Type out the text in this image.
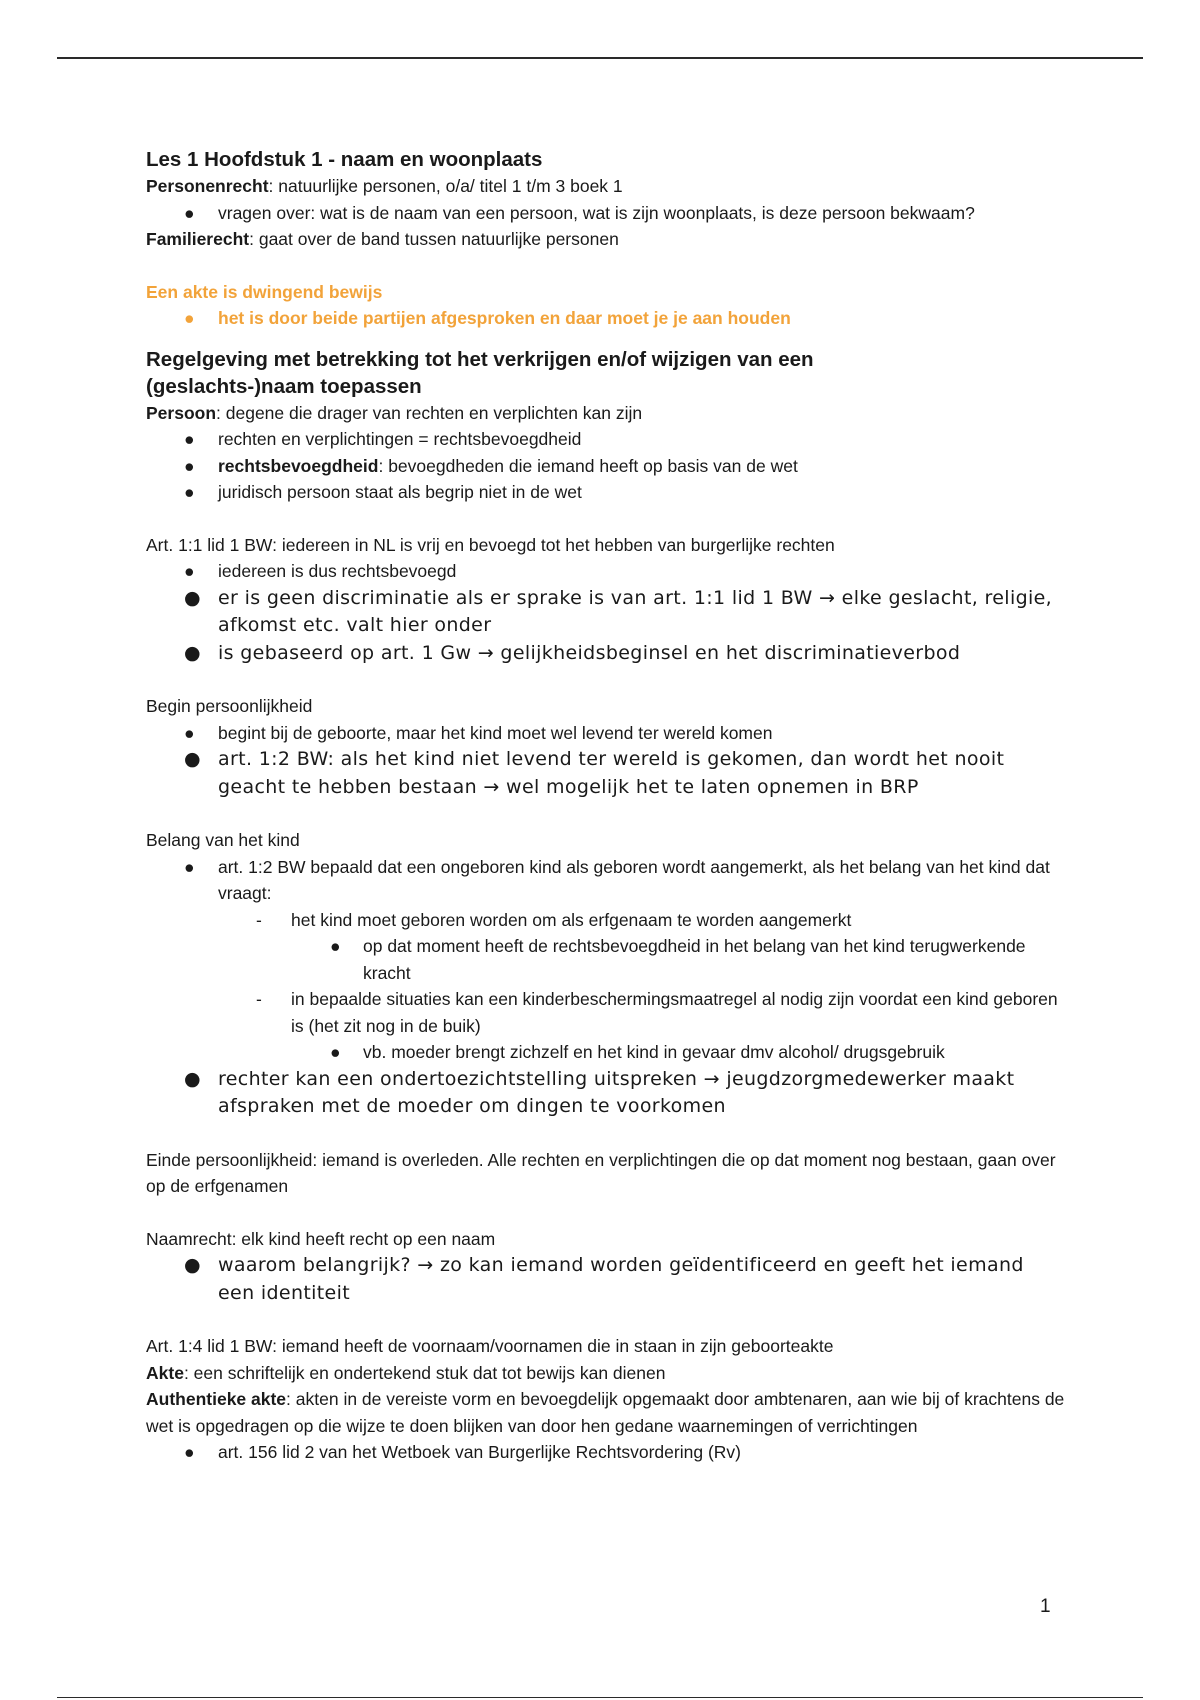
Les 1 Hoofdstuk 1 - naam en woonplaats

Personenrecht: natuurlijke personen, o/a/ titel 1 t/m 3 boek 1

● vragen over: wat is de naam van een persoon, wat is zijn woonplaats, is deze persoon bekwaam?

Familierecht: gaat over de band tussen natuurlijke personen

Een akte is dwingend bewijs

● het is door beide partijen afgesproken en daar moet je je aan houden

Regelgeving met betrekking tot het verkrijgen en/of wijzigen van een

(geslachts-)naam toepassen

Persoon: degene die drager van rechten en verplichten kan zijn

● rechten en verplichtingen = rechtsbevoegdheid
● rechtsbevoegdheid: bevoegdheden die iemand heeft op basis van de wet
● juridisch persoon staat als begrip niet in de wet

Art. 1:1 lid 1 BW: iedereen in NL is vrij en bevoegd tot het hebben van burgerlijke rechten

● iedereen is dus rechtsbevoegd
● er is geen discriminatie als er sprake is van art. 1:1 lid 1 BW → elke geslacht, religie, afkomst etc. valt hier onder
● is gebaseerd op art. 1 Gw → gelijkheidsbeginsel en het discriminatieverbod

Begin persoonlijkheid

● begint bij de geboorte, maar het kind moet wel levend ter wereld komen
● art. 1:2 BW: als het kind niet levend ter wereld is gekomen, dan wordt het nooit geacht te hebben bestaan → wel mogelijk het te laten opnemen in BRP

Belang van het kind

● art. 1:2 BW bepaald dat een ongeboren kind als geboren wordt aangemerkt, als het belang van het kind dat vraagt:
- het kind moet geboren worden om als erfgenaam te worden aangemerkt
● op dat moment heeft de rechtsbevoegdheid in het belang van het kind terugwerkende kracht
- in bepaalde situaties kan een kinderbeschermingsmaatregel al nodig zijn voordat een kind geboren is (het zit nog in de buik)
● vb. moeder brengt zichzelf en het kind in gevaar dmv alcohol/ drugsgebruik
● rechter kan een ondertoezichtstelling uitspreken → jeugdzorgmedewerker maakt afspraken met de moeder om dingen te voorkomen

Einde persoonlijkheid: iemand is overleden. Alle rechten en verplichtingen die op dat moment nog bestaan, gaan over op de erfgenamen

Naamrecht: elk kind heeft recht op een naam

● waarom belangrijk? → zo kan iemand worden geïdentificeerd en geeft het iemand een identiteit

Art. 1:4 lid 1 BW: iemand heeft de voornaam/voornamen die in staan in zijn geboorteakte

Akte: een schriftelijk en ondertekend stuk dat tot bewijs kan dienen

Authentieke akte: akten in de vereiste vorm en bevoegdelijk opgemaakt door ambtenaren, aan wie bij of krachtens de wet is opgedragen op die wijze te doen blijken van door hen gedane waarnemingen of verrichtingen

● art. 156 lid 2 van het Wetboek van Burgerlijke Rechtsvordering (Rv)
1
